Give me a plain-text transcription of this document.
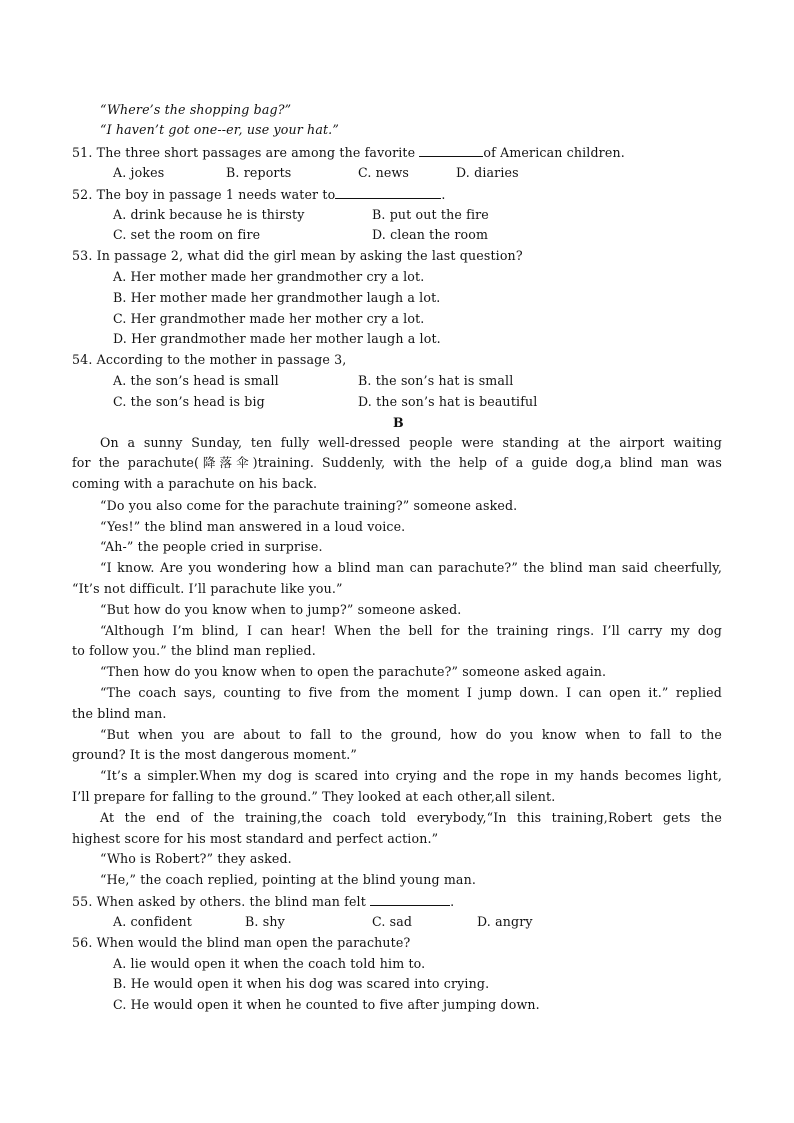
“Where’s the shopping bag?”
“I haven’t got one--er, use your hat.”
51. The three short passages are among the favorite	of American children.
A. jokes	B. reports	C. news	D. diaries
52. The boy in passage 1 needs water to	.
A. drink because he is thirsty	B. put out the fire
C. set the room on fire	D. clean the room
53. In passage 2, what did the girl mean by asking the last question?
A. Her mother made her grandmother cry a lot.
B. Her mother made her grandmother laugh a lot.
C. Her grandmother made her mother cry a lot.
D. Her grandmother made her mother laugh a lot.
54. According to the mother in passage 3,
A. the son’s head is small	B. the son’s hat is small
C. the son’s head is big	D. the son’s hat is beautiful
B
On a sunny Sunday, ten fully well-dressed people were standing at the airport waiting
for the parachute(降落伞)training. Suddenly, with the help of a guide dog,a blind man was
coming with a parachute on his back.
“Do you also come for the parachute training?” someone asked.
“Yes!” the blind man answered in a loud voice.
“Ah-” the people cried in surprise.
“I know. Are you wondering how a blind man can parachute?” the blind man said cheerfully,
“It’s not difficult. I’ll parachute like you.”
“But how do you know when to jump?” someone asked.
“Although I’m blind, I can hear! When the bell for the training rings. I’ll carry my dog
to follow you.” the blind man replied.
“Then how do you know when to open the parachute?” someone asked again.
“The coach says, counting to five from the moment I jump down. I can open it.” replied
the blind man.
“But when you are about to fall to the ground, how do you know when to fall to the
ground? It is the most dangerous moment.”
“It’s a simpler.When my dog is scared into crying and the rope in my hands becomes light,
I’ll prepare for falling to the ground.” They looked at each other,all silent.
At the end of the training,the coach told everybody,“In this training,Robert gets the
highest score for his most standard and perfect action.”
“Who is Robert?” they asked.
“He,” the coach replied, pointing at the blind young man.
55. When asked by others. the blind man felt	.
A. confident	B. shy	C. sad	D. angry
56. When would the blind man open the parachute?
A. lie would open it when the coach told him to.
B. He would open it when his dog was scared into crying.
C. He would open it when he counted to five after jumping down.
